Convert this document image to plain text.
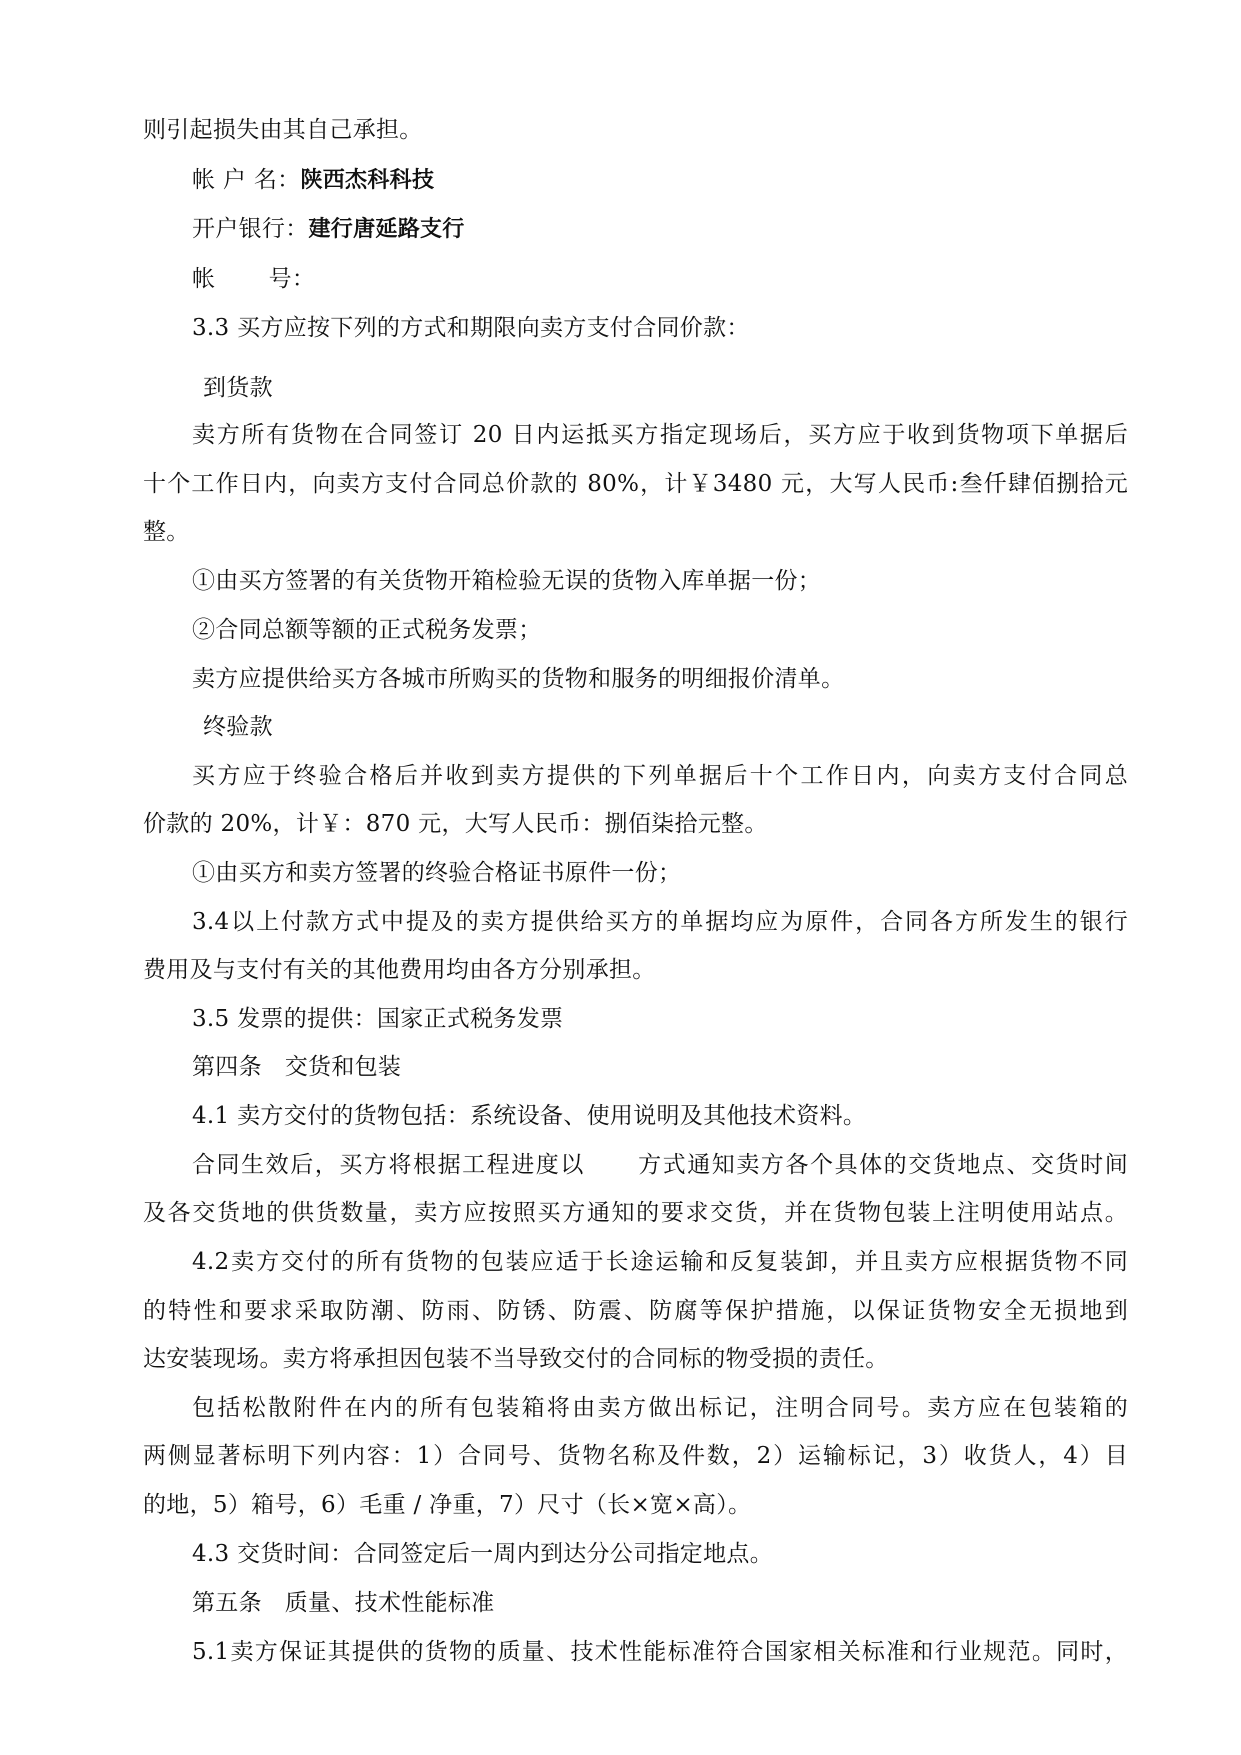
则引起损失由其自己承担。
帐 户 名：陕西杰科科技
开户银行：建行唐延路支行
帐       号：
3.3 买方应按下列的方式和期限向卖方支付合同价款：
到货款
卖方所有货物在合同签订 20 日内运抵买方指定现场后，买方应于收到货物项下单据后
十个工作日内，向卖方支付合同总价款的 80%，计￥3480 元，大写人民币:叁仟肆佰捌拾元
整。
①由买方签署的有关货物开箱检验无误的货物入库单据一份；
②合同总额等额的正式税务发票；
卖方应提供给买方各城市所购买的货物和服务的明细报价清单。
终验款
买方应于终验合格后并收到卖方提供的下列单据后十个工作日内，向卖方支付合同总
价款的 20%，计￥：870 元，大写人民币：捌佰柒拾元整。
①由买方和卖方签署的终验合格证书原件一份；
3.4以上付款方式中提及的卖方提供给买方的单据均应为原件，合同各方所发生的银行
费用及与支付有关的其他费用均由各方分别承担。
3.5 发票的提供：国家正式税务发票
第四条   交货和包装
4.1 卖方交付的货物包括：系统设备、使用说明及其他技术资料。
合同生效后，买方将根据工程进度以      方式通知卖方各个具体的交货地点、交货时间
及各交货地的供货数量，卖方应按照买方通知的要求交货，并在货物包装上注明使用站点。
4.2卖方交付的所有货物的包装应适于长途运输和反复装卸，并且卖方应根据货物不同
的特性和要求采取防潮、防雨、防锈、防震、防腐等保护措施，以保证货物安全无损地到
达安装现场。卖方将承担因包装不当导致交付的合同标的物受损的责任。
包括松散附件在内的所有包装箱将由卖方做出标记，注明合同号。卖方应在包装箱的
两侧显著标明下列内容：1）合同号、货物名称及件数，2）运输标记，3）收货人，4）目
的地，5）箱号，6）毛重 / 净重，7）尺寸（长×宽×高）。
4.3 交货时间：合同签定后一周内到达分公司指定地点。
第五条   质量、技术性能标准
5.1卖方保证其提供的货物的质量、技术性能标准符合国家相关标准和行业规范。同时，
